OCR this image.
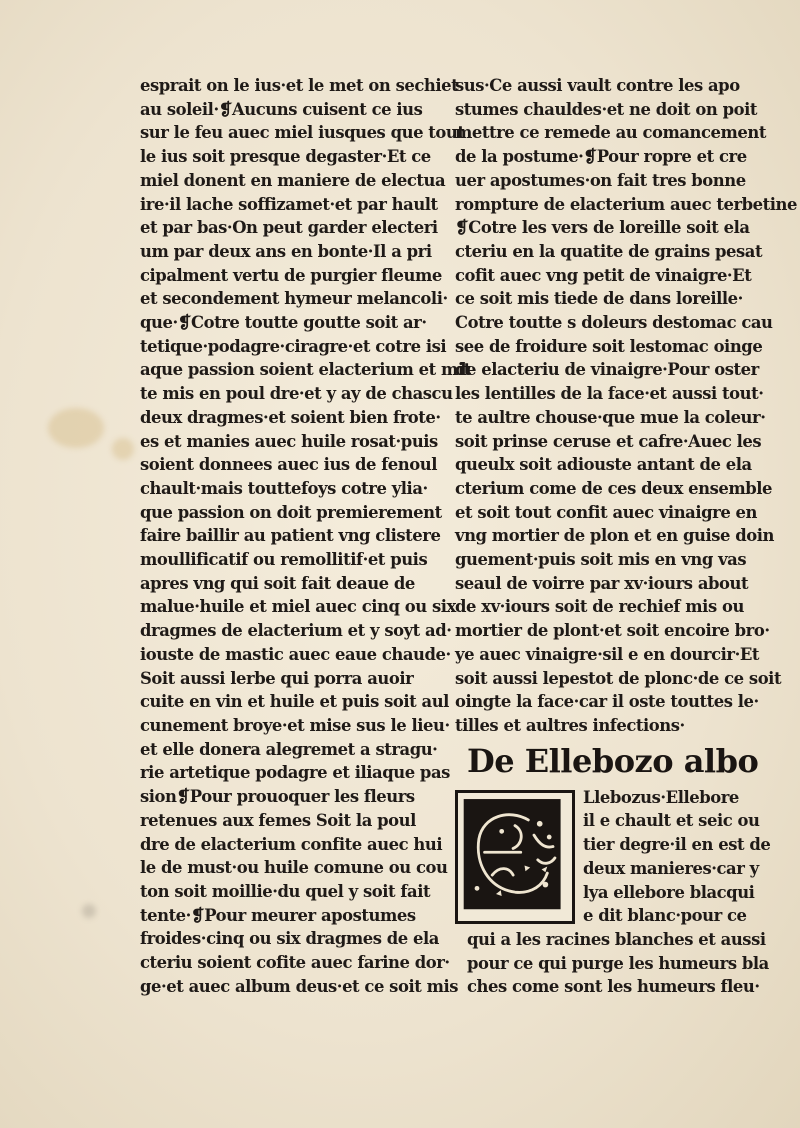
esprait on le ius·et le met on sechiet
au soleil·❡Aucuns cuisent ce ius
sur le feu auec miel iusques que tout
le ius soit presque degaster·Et ce
miel donent en maniere de electua
ire·il lache soffizamet·et par hault
et par bas·On peut garder electeri
um par deux ans en bonte·Il a pri
cipalment vertu de purgier fleume
et secondement hymeur melancoli·
que·❡Cotre toutte goutte soit ar·
tetique·podagre·ciragre·et cotre isi
aque passion soient elacterium et mit
te mis en poul dre·et y ay de chascu
deux dragmes·et soient bien frote·
es et manies auec huile rosat·puis
soient donnees auec ius de fenoul
chault·mais touttefoys cotre ylia·
que passion on doit premierement
faire baillir au patient vng clistere
moullificatif ou remollitif·et puis
apres vng qui soit fait deaue de
malue·huile et miel auec cinq ou six
dragmes de elacterium et y soyt ad·
iouste de mastic auec eaue chaude·
Soit aussi lerbe qui porra auoir
cuite en vin et huile et puis soit aul
cunement broye·et mise sus le lieu·
et elle donera alegremet a stragu·
rie artetique podagre et iliaque pas
sion❡Pour prouoquer les fleurs
retenues aux femes Soit la poul
dre de elacterium confite auec hui
le de must·ou huile comune ou cou
ton soit moillie·du quel y soit fait
tente·❡Pour meurer apostumes
froides·cinq ou six dragmes de ela
cteriu soient cofite auec farine dor·
ge·et auec album deus·et ce soit mis
sus·Ce aussi vault contre les apo
stumes chauldes·et ne doit on poit
mettre ce remede au comancement
de la postume·❡Pour ropre et cre
uer apostumes·on fait tres bonne
rompture de elacterium auec terbetine
❡Cotre les vers de loreille soit ela
cteriu en la quatite de grains pesat
cofit auec vng petit de vinaigre·Et
ce soit mis tiede de dans loreille·
Cotre toutte s doleurs destomac cau
see de froidure soit lestomac oinge
de elacteriu de vinaigre·Pour oster
les lentilles de la face·et aussi tout·
te aultre chouse·que mue la coleur·
soit prinse ceruse et cafre·Auec les
queulx soit adiouste antant de ela
cterium come de ces deux ensemble
et soit tout confit auec vinaigre en
vng mortier de plon et en guise doin
guement·puis soit mis en vng vas
seaul de voirre par xv·iours about
de xv·iours soit de rechief mis ou
mortier de plont·et soit encoire bro·
ye auec vinaigre·sil e en dourcir·Et
soit aussi lepestot de plonc·de ce soit
oingte la face·car il oste touttes le·
tilles et aultres infections·
De Ellebozo albo
Llebozus·Ellebore
il e chault et seic ou
tier degre·il en est de
deux manieres·car y
lya ellebore blacqui
e dit blanc·pour ce
qui a les racines blanches et aussi
pour ce qui purge les humeurs bla
ches come sont les humeurs fleu·
